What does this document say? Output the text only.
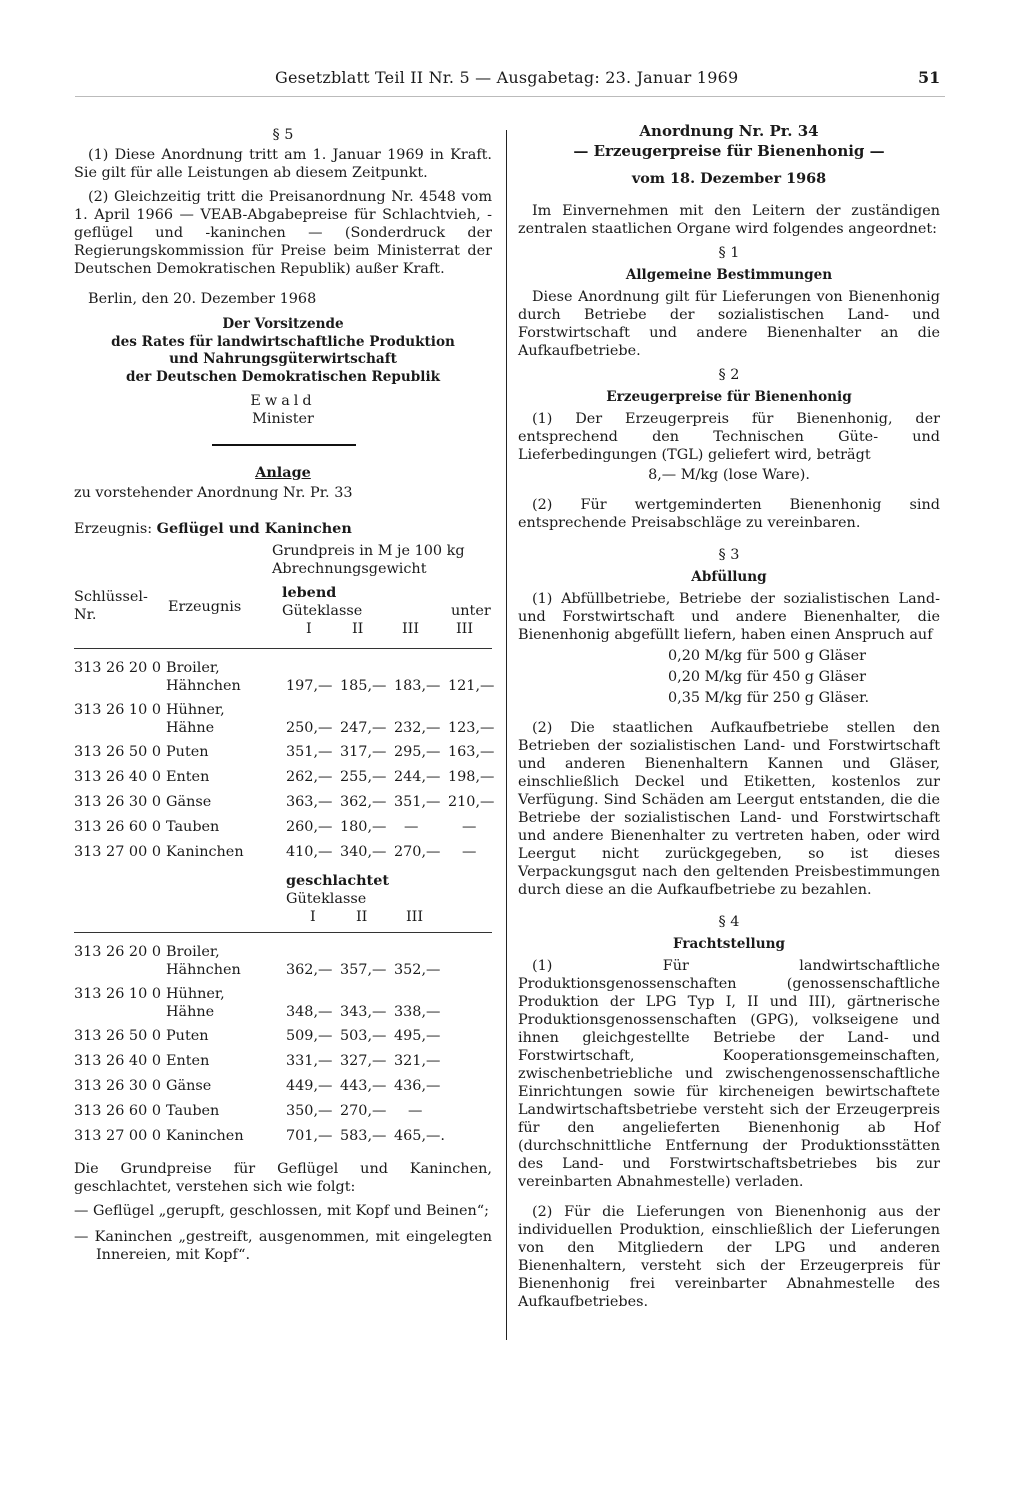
Gesetzblatt Teil II Nr. 5 — Ausgabetag: 23. Januar 1969	51
§ 5

(1) Diese Anordnung tritt am 1. Januar 1969 in Kraft. Sie gilt für alle Leistungen ab diesem Zeitpunkt.

(2) Gleichzeitig tritt die Preisanordnung Nr. 4548 vom 1. April 1966 — VEAB-Abgabepreise für Schlachtvieh, -geflügel und -kaninchen — (Sonderdruck der Regierungskommission für Preise beim Ministerrat der Deutschen Demokratischen Republik) außer Kraft.

Berlin, den 20. Dezember 1968

Der Vorsitzende
des Rates für landwirtschaftliche Produktion
und Nahrungsgüterwirtschaft
der Deutschen Demokratischen Republik
Ewald
Minister
Anlage
zu vorstehender Anordnung Nr. Pr. 33
Erzeugnis: Geflügel und Kaninchen
Grundpreis in M je 100 kg
Abrechnungsgewicht
Schlüssel-
Nr.	Erzeugnis
lebend
Güteklasse
I	II	III
unter
III
313 26 20 0 Broiler,
Hähnchen	197,— 185,— 183,— 121,—
313 26 10 0 Hühner,
Hähne	250,— 247,— 232,— 123,—
313 26 50 0 Puten	351,— 317,— 295,— 163,—
313 26 40 0 Enten	262,— 255,— 244,— 198,—
313 26 30 0 Gänse	363,— 362,— 351,— 210,—
313 26 60 0 Tauben	260,— 180,— —	—
313 27 00 0 Kaninchen	410,— 340,— 270,— —
geschlachtet
Güteklasse
I	II	III
313 26 20 0 Broiler,
Hähnchen	362,— 357,— 352,—
313 26 10 0 Hühner,
Hähne	348,— 343,— 338,—
313 26 50 0 Puten	509,— 503,— 495,—
313 26 40 0 Enten	331,— 327,— 321,—
313 26 30 0 Gänse	449,— 443,— 436,—
313 26 60 0 Tauben	350,— 270,— —
313 27 00 0 Kaninchen	701,— 583,— 465,—.

Die Grundpreise für Geflügel und Kaninchen, geschlachtet, verstehen sich wie folgt:

— Geflügel „gerupft, geschlossen, mit Kopf und Beinen“;

— Kaninchen „gestreift, ausgenommen, mit eingelegten Innereien, mit Kopf“.

Anordnung Nr. Pr. 34
— Erzeugerpreise für Bienenhonig —
vom 18. Dezember 1968

Im Einvernehmen mit den Leitern der zuständigen zentralen staatlichen Organe wird folgendes angeordnet:

§ 1
Allgemeine Bestimmungen

Diese Anordnung gilt für Lieferungen von Bienenhonig durch Betriebe der sozialistischen Land- und Forstwirtschaft und andere Bienenhalter an die Aufkaufbetriebe.

§ 2
Erzeugerpreise für Bienenhonig

(1) Der Erzeugerpreis für Bienenhonig, der entsprechend den Technischen Güte- und Lieferbedingungen (TGL) geliefert wird, beträgt

8,— M/kg (lose Ware).

(2) Für wertgeminderten Bienenhonig sind entsprechende Preisabschläge zu vereinbaren.

§ 3
Abfüllung

(1) Abfüllbetriebe, Betriebe der sozialistischen Land- und Forstwirtschaft und andere Bienenhalter, die Bienenhonig abgefüllt liefern, haben einen Anspruch auf

0,20 M/kg für 500 g Gläser
0,20 M/kg für 450 g Gläser
0,35 M/kg für 250 g Gläser.

(2) Die staatlichen Aufkaufbetriebe stellen den Betrieben der sozialistischen Land- und Forstwirtschaft und anderen Bienenhaltern Kannen und Gläser, einschließlich Deckel und Etiketten, kostenlos zur Verfügung. Sind Schäden am Leergut entstanden, die die Betriebe der sozialistischen Land- und Forstwirtschaft und andere Bienenhalter zu vertreten haben, oder wird Leergut nicht zurückgegeben, so ist dieses Verpackungsgut nach den geltenden Preisbestimmungen durch diese an die Aufkaufbetriebe zu bezahlen.

§ 4
Frachtstellung

(1) Für landwirtschaftliche Produktionsgenossenschaften (genossenschaftliche Produktion der LPG Typ I, II und III), gärtnerische Produktionsgenossenschaften (GPG), volkseigene und ihnen gleichgestellte Betriebe der Land- und Forstwirtschaft, Kooperationsgemeinschaften, zwischenbetriebliche und zwischengenossenschaftliche Einrichtungen sowie für kircheneigen bewirtschaftete Landwirtschaftsbetriebe versteht sich der Erzeugerpreis für den angelieferten Bienenhonig ab Hof (durchschnittliche Entfernung der Produktionsstätten des Land- und Forstwirtschaftsbetriebes bis zur vereinbarten Abnahmestelle) verladen.

(2) Für die Lieferungen von Bienenhonig aus der individuellen Produktion, einschließlich der Lieferungen von den Mitgliedern der LPG und anderen Bienenhaltern, versteht sich der Erzeugerpreis für Bienenhonig frei vereinbarter Abnahmestelle des Aufkaufbetriebes.
